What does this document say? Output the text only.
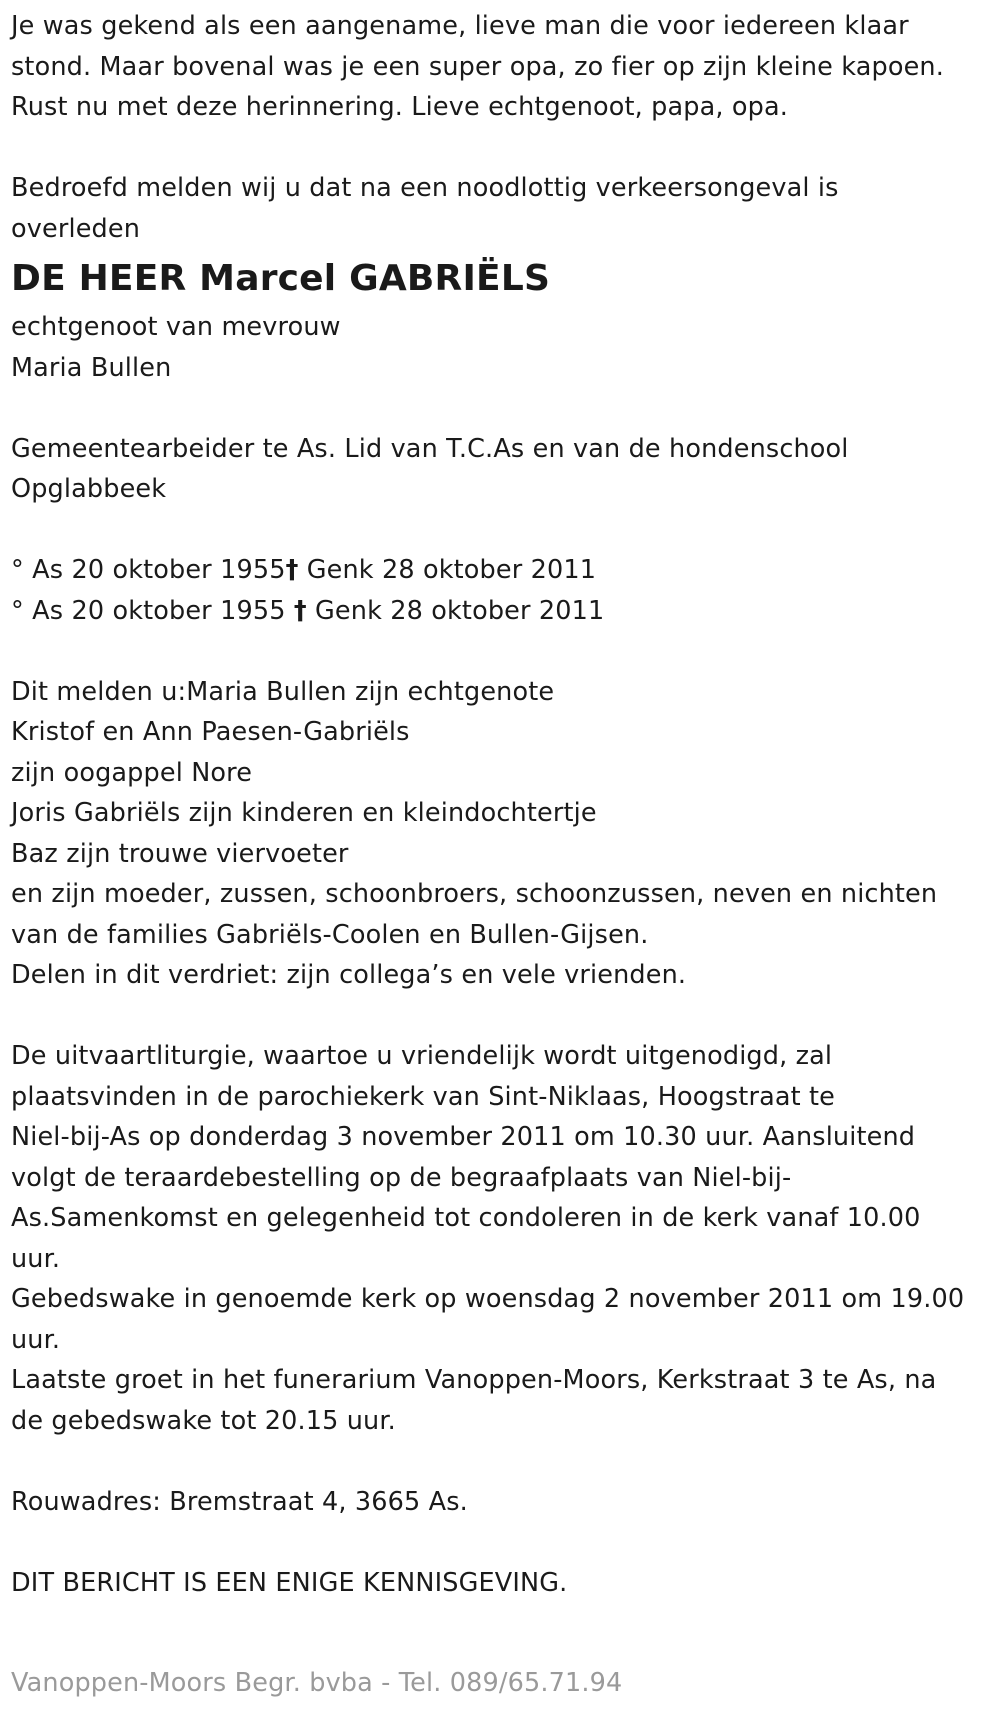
Je was gekend als een aangename, lieve man die voor iedereen klaar

stond. Maar bovenal was je een super opa, zo fier op zijn kleine kapoen.

Rust nu met deze herinnering. Lieve echtgenoot, papa, opa.

Bedroefd melden wij u dat na een noodlottig verkeersongeval is

overleden

DE HEER Marcel GABRIËLS

echtgenoot van mevrouw

Maria Bullen

Gemeentearbeider te As. Lid van T.C.As en van de hondenschool

Opglabbeek

° As 20 oktober 1955† Genk 28 oktober 2011

° As 20 oktober 1955 † Genk 28 oktober 2011

Dit melden u:Maria Bullen zijn echtgenote

Kristof en Ann Paesen-Gabriëls

zijn oogappel Nore

Joris Gabriëls zijn kinderen en kleindochtertje

Baz zijn trouwe viervoeter

en zijn moeder, zussen, schoonbroers, schoonzussen, neven en nichten

van de families Gabriëls-Coolen en Bullen-Gijsen.

Delen in dit verdriet: zijn collega’s en vele vrienden.

De uitvaartliturgie, waartoe u vriendelijk wordt uitgenodigd, zal

plaatsvinden in de parochiekerk van Sint-Niklaas, Hoogstraat te

Niel-bij-As op donderdag 3 november 2011 om 10.30 uur. Aansluitend

volgt de teraardebestelling op de begraafplaats van Niel-bij-

As.Samenkomst en gelegenheid tot condoleren in de kerk vanaf 10.00

uur.

Gebedswake in genoemde kerk op woensdag 2 november 2011 om 19.00

uur.

Laatste groet in het funerarium Vanoppen-Moors, Kerkstraat 3 te As, na

de gebedswake tot 20.15 uur.

Rouwadres: Bremstraat 4, 3665 As.

DIT BERICHT IS EEN ENIGE KENNISGEVING.

Vanoppen-Moors Begr. bvba - Tel. 089/65.71.94
